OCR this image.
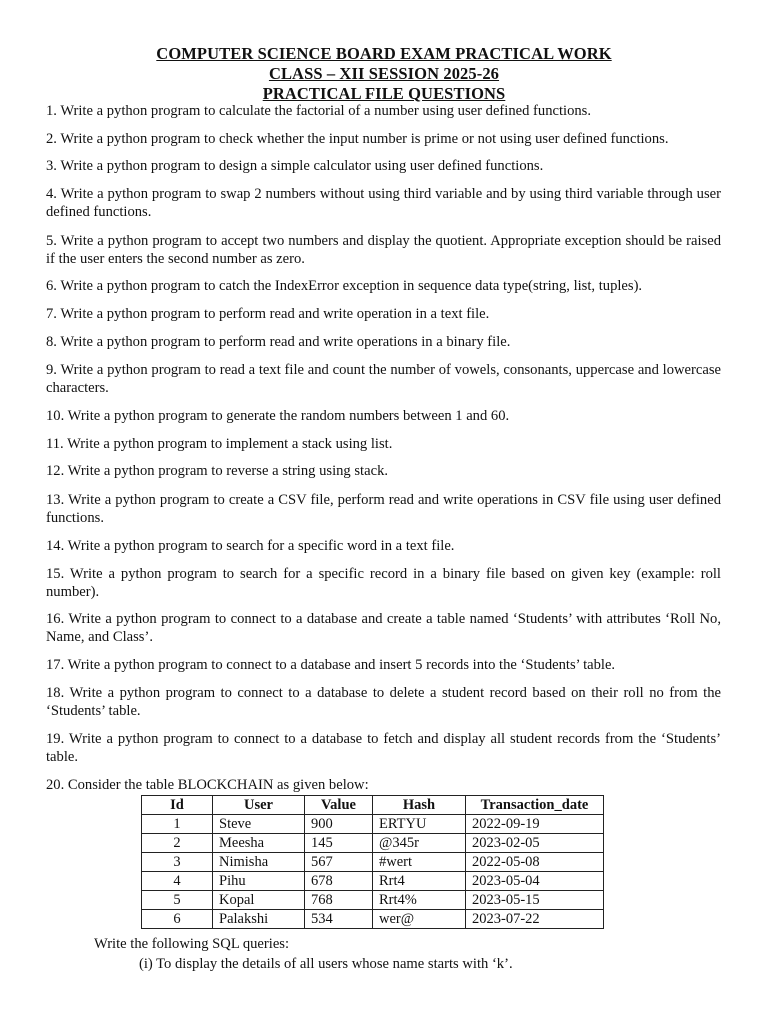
COMPUTER SCIENCE BOARD EXAM PRACTICAL WORK
CLASS – XII SESSION 2025-26
PRACTICAL FILE QUESTIONS
1. Write a python program to calculate the factorial of a number using user defined functions.
2. Write a python program to check whether the input number is prime or not using user defined functions.
3. Write a python program to design a simple calculator using user defined functions.
4. Write a python program to swap 2 numbers without using third variable and by using third variable through user defined functions.
5. Write a python program to accept two numbers and display the quotient. Appropriate exception should be raised if the user enters the second number as zero.
6. Write a python program to catch the IndexError exception in sequence data type(string, list, tuples).
7. Write a python program to perform read and write operation in a text file.
8. Write a python program to perform read and write operations in a binary file.
9. Write a python program to read a text file and count the number of vowels, consonants, uppercase and lowercase characters.
10. Write a python program to generate the random numbers between 1 and 60.
11. Write a python program to implement a stack using list.
12. Write a python program to reverse a string using stack.
13. Write a python program to create a CSV file, perform read and write operations in CSV file using user defined functions.
14. Write a python program to search for a specific word in a text file.
15. Write a python program to search for a specific record in a binary file based on given key (example: roll number).
16. Write a python program to connect to a database and create a table named ‘Students’ with attributes ‘Roll No, Name, and Class’.
17. Write a python program to connect to a database and insert 5 records into the ‘Students’ table.
18. Write a python program to connect to a database to delete a student record based on their roll no from the ‘Students’ table.
19. Write a python program to connect to a database to fetch and display all student records from the ‘Students’ table.
20. Consider the table BLOCKCHAIN as given below:
Id	User	Value	Hash	Transaction_date
1	Steve	900	ERTYU	2022-09-19
2	Meesha	145	@345r	2023-02-05
3	Nimisha	567	#wert	2022-05-08
4	Pihu	678	Rrt4	2023-05-04
5	Kopal	768	Rrt4%	2023-05-15
6	Palakshi	534	wer@	2023-07-22
Write the following SQL queries:
(i) To display the details of all users whose name starts with ‘k’.
